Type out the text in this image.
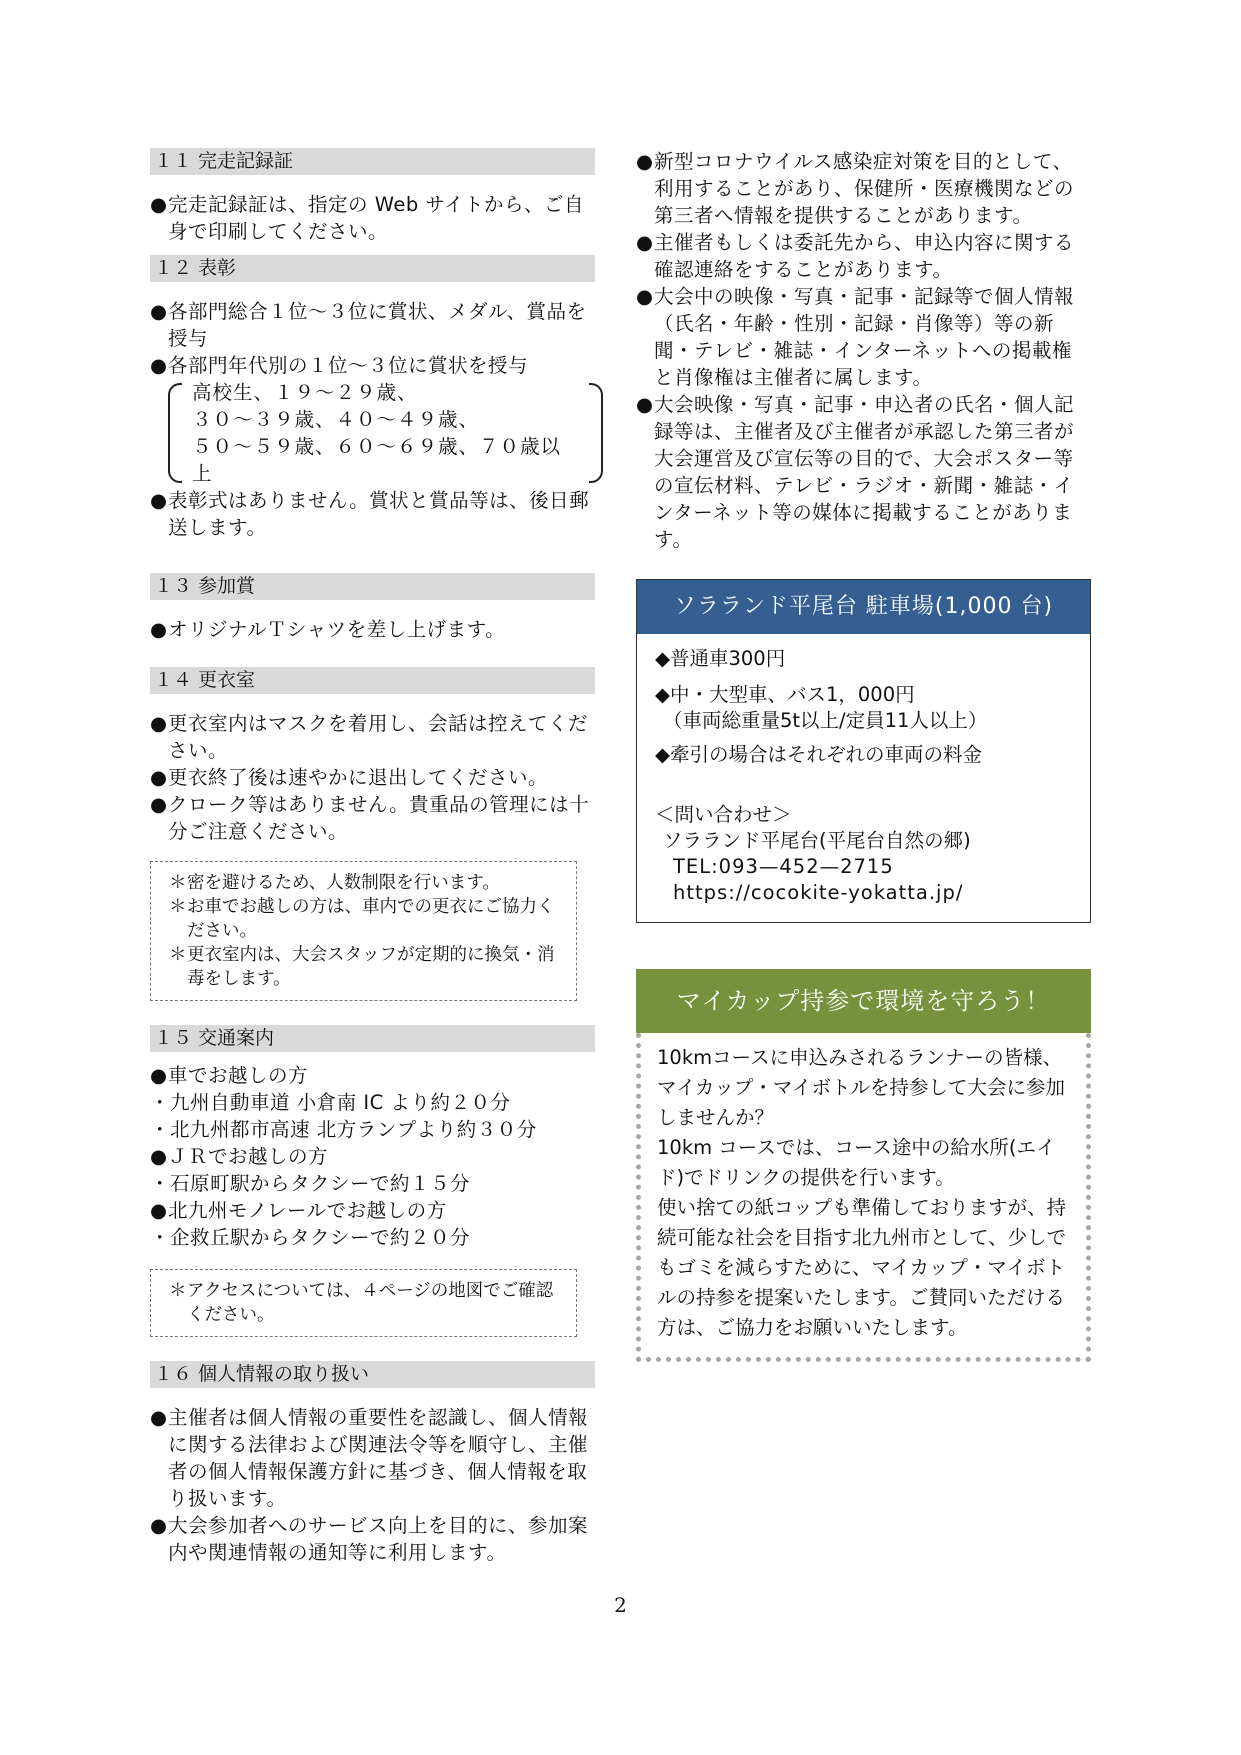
１１ 完走記録証

● 完走記録証は、指定の Web サイトから、ご自身で印刷してください。

１２ 表彰

● 各部門総合１位～３位に賞状、メダル、賞品を授与

● 各部門年代別の１位～３位に賞状を授与

高校生、１９～２９歳、
３０～３９歳、４０～４９歳、
５０～５９歳、６０～６９歳、７０歳以上

● 表彰式はありません。賞状と賞品等は、後日郵送します。

１３ 参加賞

● オリジナルＴシャツを差し上げます。

１４ 更衣室

● 更衣室内はマスクを着用し、会話は控えてください。

● 更衣終了後は速やかに退出してください。

● クローク等はありません。貴重品の管理には十分ご注意ください。

＊ 密を避けるため、人数制限を行います。
＊ お車でお越しの方は、車内での更衣にご協力ください。
＊ 更衣室内は、大会スタッフが定期的に換気・消毒をします。
１５ 交通案内

● 車でお越しの方

・九州自動車道 小倉南 IC より約２０分

・北九州都市高速 北方ランプより約３０分

● ＪＲでお越しの方

・石原町駅からタクシーで約１５分

● 北九州モノレールでお越しの方

・企救丘駅からタクシーで約２０分

＊ アクセスについては、４ページの地図でご確認ください。
１６ 個人情報の取り扱い

● 主催者は個人情報の重要性を認識し、個人情報に関する法律および関連法令等を順守し、主催者の個人情報保護方針に基づき、個人情報を取り扱います。

● 大会参加者へのサービス向上を目的に、参加案内や関連情報の通知等に利用します。

● 新型コロナウイルス感染症対策を目的として、利用することがあり、保健所・医療機関などの第三者へ情報を提供することがあります。

● 主催者もしくは委託先から、申込内容に関する確認連絡をすることがあります。

● 大会中の映像・写真・記事・記録等で個人情報（氏名・年齢・性別・記録・肖像等）等の新聞・テレビ・雑誌・インターネットへの掲載権と肖像権は主催者に属します。

● 大会映像・写真・記事・申込者の氏名・個人記録等は、主催者及び主催者が承認した第三者が大会運営及び宣伝等の目的で、大会ポスター等の宣伝材料、テレビ・ラジオ・新聞・雑誌・インターネット等の媒体に掲載することがあります。

ソラランド平尾台 駐車場(1,000 台)
◆普通車300円
◆中・大型車、バス1，000円
（車両総重量5t以上/定員11人以上）
◆牽引の場合はそれぞれの車両の料金
＜問い合わせ＞
ソラランド平尾台(平尾台自然の郷)
TEL:093—452—2715
https://cocokite-yokatta.jp/
マイカップ持参で環境を守ろう！
10kmコースに申込みされるランナーの皆様、マイカップ・マイボトルを持参して大会に参加しませんか？
10km コースでは、コース途中の給水所(エイド)でドリンクの提供を行います。
使い捨ての紙コップも準備しておりますが、持続可能な社会を目指す北九州市として、少しでもゴミを減らすために、マイカップ・マイボトルの持参を提案いたします。ご賛同いただける方は、ご協力をお願いいたします。
2
